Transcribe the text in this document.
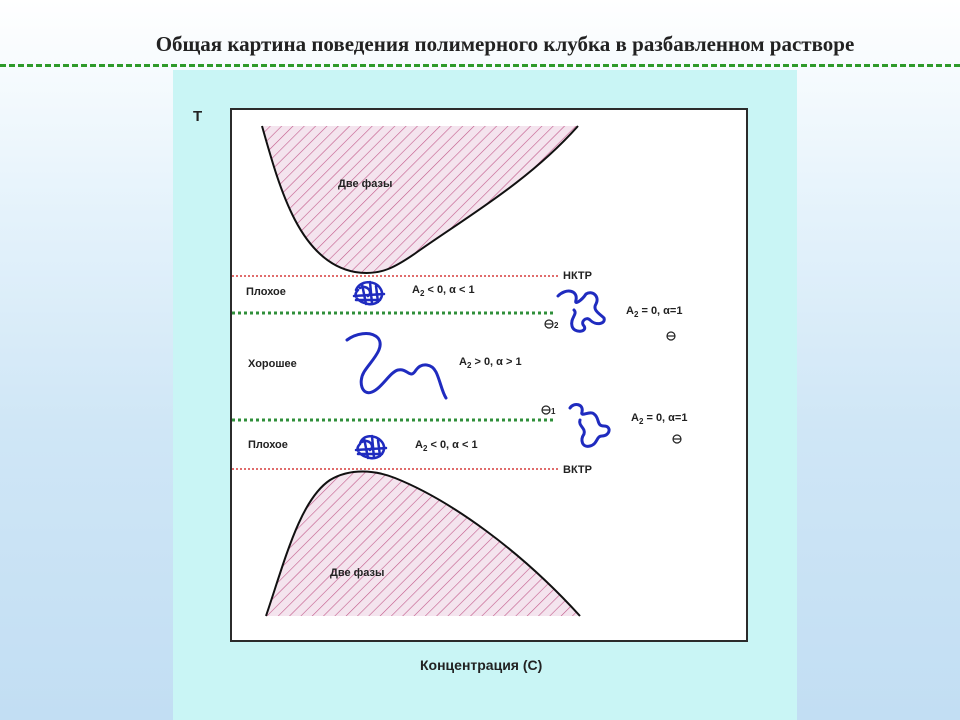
Общая картина поведения полимерного клубка в разбавленном растворе
T
Концентрация (С)
Две фазы
Две фазы
Плохое
Хорошее
Плохое
НКТР
ВКТР
$A_2 < 0$, α < 1
$A_2 > 0$, α > 1
$A_2 < 0$, α < 1
$A_2 = 0$, α=1
$A_2 = 0$, α=1
2
1
